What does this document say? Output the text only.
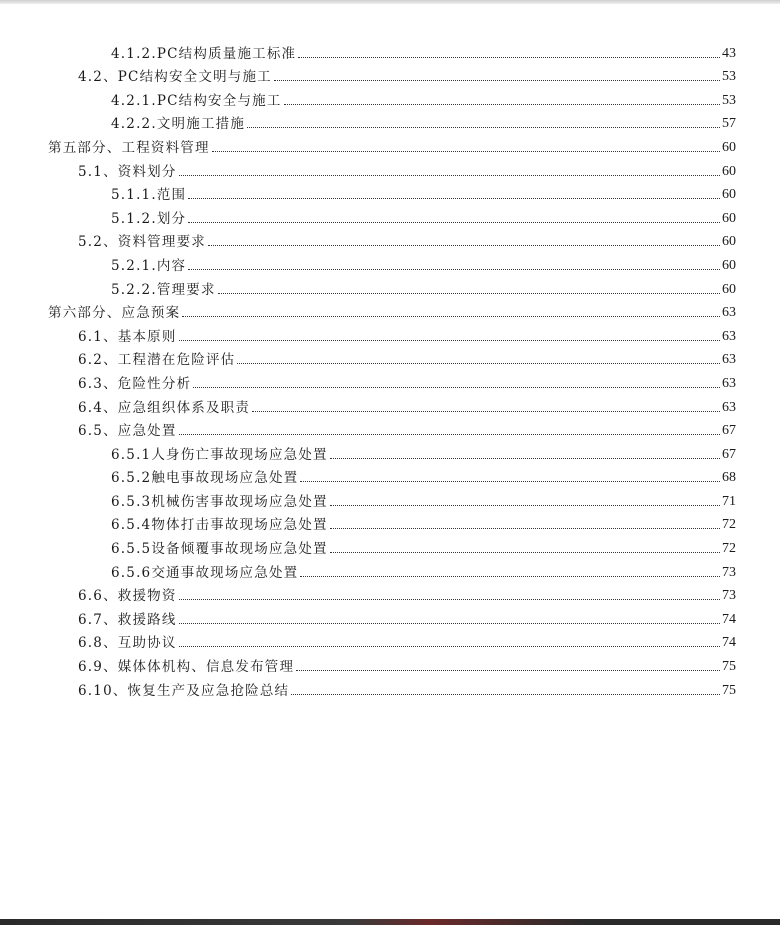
4.1.2.PC结构质量施工标准	43
4.2、PC结构安全文明与施工	53
4.2.1.PC结构安全与施工	53
4.2.2.文明施工措施	57
第五部分、工程资料管理	60
5.1、资料划分	60
5.1.1.范围	60
5.1.2.划分	60
5.2、资料管理要求	60
5.2.1.内容	60
5.2.2.管理要求	60
第六部分、应急预案	63
6.1、基本原则	63
6.2、工程潜在危险评估	63
6.3、危险性分析	63
6.4、应急组织体系及职责	63
6.5、应急处置	67
6.5.1人身伤亡事故现场应急处置	67
6.5.2触电事故现场应急处置	68
6.5.3机械伤害事故现场应急处置	71
6.5.4物体打击事故现场应急处置	72
6.5.5设备倾覆事故现场应急处置	72
6.5.6交通事故现场应急处置	73
6.6、救援物资	73
6.7、救援路线	74
6.8、互助协议	74
6.9、媒体体机构、信息发布管理	75
6.10、恢复生产及应急抢险总结	75
